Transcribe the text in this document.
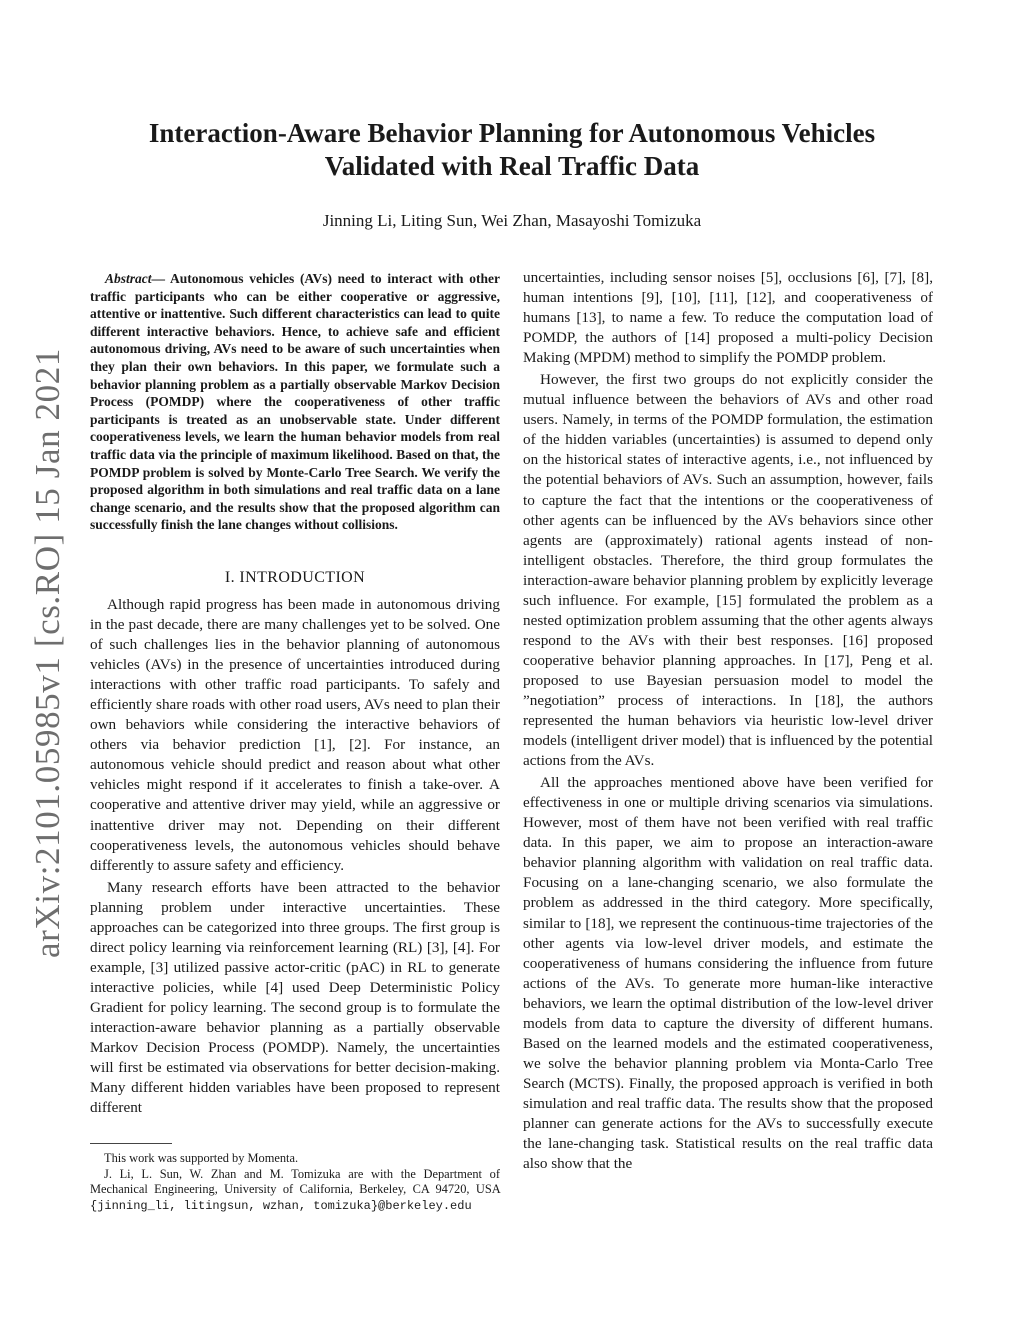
arXiv:2101.05985v1 [cs.RO] 15 Jan 2021
Interaction-Aware Behavior Planning for Autonomous Vehicles
Validated with Real Traffic Data

Jinning Li, Liting Sun, Wei Zhan, Masayoshi Tomizuka

Abstract— Autonomous vehicles (AVs) need to interact with other traffic participants who can be either cooperative or aggressive, attentive or inattentive. Such different characteristics can lead to quite different interactive behaviors. Hence, to achieve safe and efficient autonomous driving, AVs need to be aware of such uncertainties when they plan their own behaviors. In this paper, we formulate such a behavior planning problem as a partially observable Markov Decision Process (POMDP) where the cooperativeness of other traffic participants is treated as an unobservable state. Under different cooperativeness levels, we learn the human behavior models from real traffic data via the principle of maximum likelihood. Based on that, the POMDP problem is solved by Monte-Carlo Tree Search. We verify the proposed algorithm in both simulations and real traffic data on a lane change scenario, and the results show that the proposed algorithm can successfully finish the lane changes without collisions.

I. INTRODUCTION

Although rapid progress has been made in autonomous driving in the past decade, there are many challenges yet to be solved. One of such challenges lies in the behavior planning of autonomous vehicles (AVs) in the presence of uncertainties introduced during interactions with other traffic road participants. To safely and efficiently share roads with other road users, AVs need to plan their own behaviors while considering the interactive behaviors of others via behavior prediction [1], [2]. For instance, an autonomous vehicle should predict and reason about what other vehicles might respond if it accelerates to finish a take-over. A cooperative and attentive driver may yield, while an aggressive or inattentive driver may not. Depending on their different cooperativeness levels, the autonomous vehicles should behave differently to assure safety and efficiency.

Many research efforts have been attracted to the behavior planning problem under interactive uncertainties. These approaches can be categorized into three groups. The first group is direct policy learning via reinforcement learning (RL) [3], [4]. For example, [3] utilized passive actor-critic (pAC) in RL to generate interactive policies, while [4] used Deep Deterministic Policy Gradient for policy learning. The second group is to formulate the interaction-aware behavior planning as a partially observable Markov Decision Process (POMDP). Namely, the uncertainties will first be estimated via observations for better decision-making. Many different hidden variables have been proposed to represent different

This work was supported by Momenta.

J. Li, L. Sun, W. Zhan and M. Tomizuka are with the Department of Mechanical Engineering, University of California, Berkeley, CA 94720, USA {jinning_li, litingsun, wzhan, tomizuka}@berkeley.edu

uncertainties, including sensor noises [5], occlusions [6], [7], [8], human intentions [9], [10], [11], [12], and cooperativeness of humans [13], to name a few. To reduce the computation load of POMDP, the authors of [14] proposed a multi-policy Decision Making (MPDM) method to simplify the POMDP problem.

However, the first two groups do not explicitly consider the mutual influence between the behaviors of AVs and other road users. Namely, in terms of the POMDP formulation, the estimation of the hidden variables (uncertainties) is assumed to depend only on the historical states of interactive agents, i.e., not influenced by the potential behaviors of AVs. Such an assumption, however, fails to capture the fact that the intentions or the cooperativeness of other agents can be influenced by the AVs behaviors since other agents are (approximately) rational agents instead of non-intelligent obstacles. Therefore, the third group formulates the interaction-aware behavior planning problem by explicitly leverage such influence. For example, [15] formulated the problem as a nested optimization problem assuming that the other agents always respond to the AVs with their best responses. [16] proposed cooperative behavior planning approaches. In [17], Peng et al. proposed to use Bayesian persuasion model to model the ”negotiation” process of interactions. In [18], the authors represented the human behaviors via heuristic low-level driver models (intelligent driver model) that is influenced by the potential actions from the AVs.

All the approaches mentioned above have been verified for effectiveness in one or multiple driving scenarios via simulations. However, most of them have not been verified with real traffic data. In this paper, we aim to propose an interaction-aware behavior planning algorithm with validation on real traffic data. Focusing on a lane-changing scenario, we also formulate the problem as addressed in the third category. More specifically, similar to [18], we represent the continuous-time trajectories of the other agents via low-level driver models, and estimate the cooperativeness of humans considering the influence from future actions of the AVs. To generate more human-like interactive behaviors, we learn the optimal distribution of the low-level driver models from data to capture the diversity of different humans. Based on the learned models and the estimated cooperativeness, we solve the behavior planning problem via Monta-Carlo Tree Search (MCTS). Finally, the proposed approach is verified in both simulation and real traffic data. The results show that the proposed planner can generate actions for the AVs to successfully execute the lane-changing task. Statistical results on the real traffic data also show that the
